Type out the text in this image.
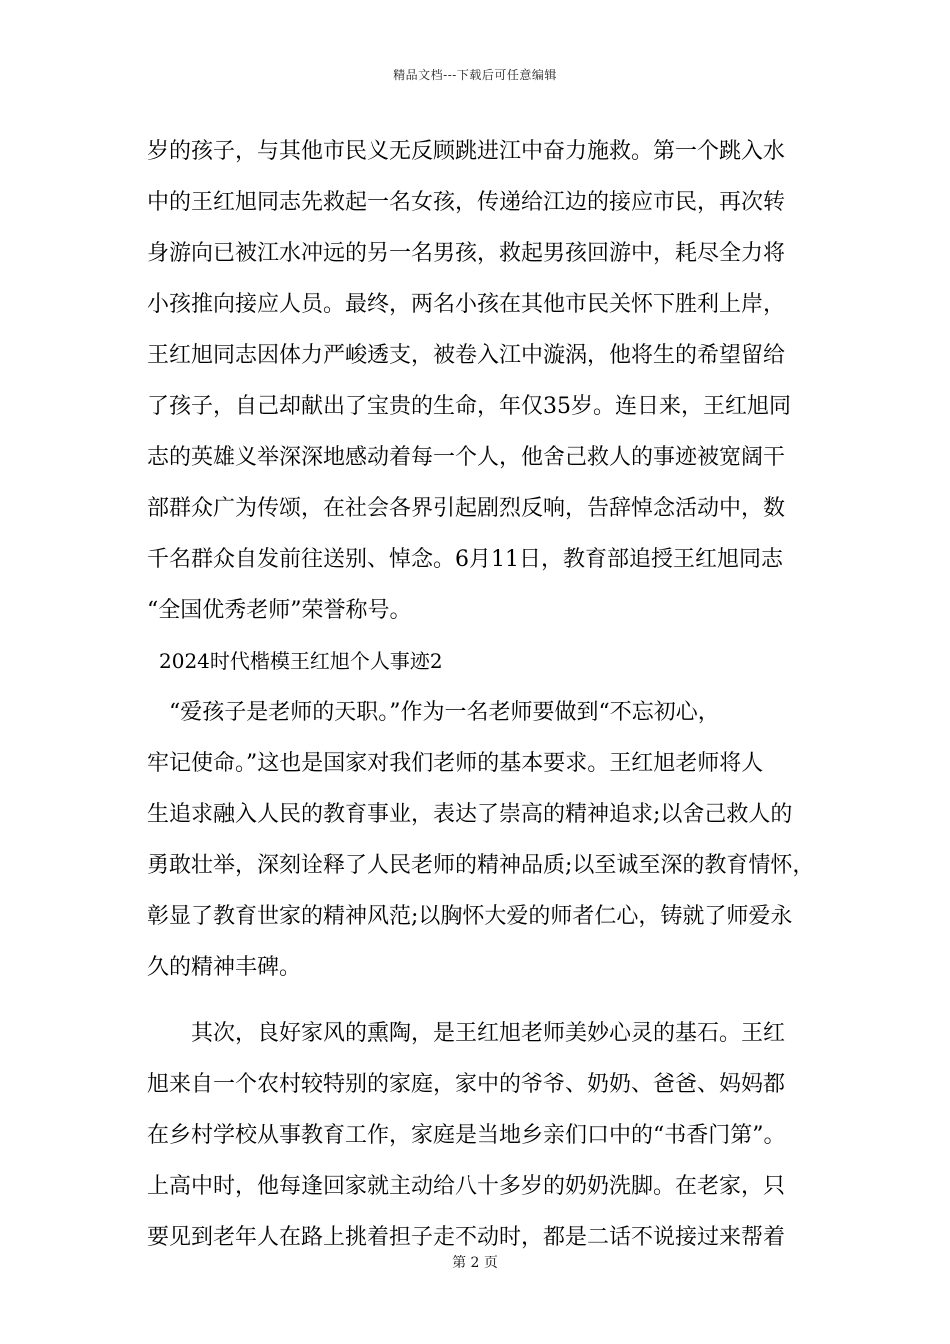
精品文档---下载后可任意编辑
岁的孩子，与其他市民义无反顾跳进江中奋力施救。第一个跳入水
中的王红旭同志先救起一名女孩，传递给江边的接应市民，再次转
身游向已被江水冲远的另一名男孩，救起男孩回游中，耗尽全力将
小孩推向接应人员。最终，两名小孩在其他市民关怀下胜利上岸，
王红旭同志因体力严峻透支，被卷入江中漩涡，他将生的希望留给
了孩子，自己却献出了宝贵的生命，年仅35岁。连日来，王红旭同
志的英雄义举深深地感动着每一个人，他舍己救人的事迹被宽阔干
部群众广为传颂，在社会各界引起剧烈反响，告辞悼念活动中，数
千名群众自发前往送别、悼念。6月11日，教育部追授王红旭同志
“全国优秀老师”荣誉称号。
2024时代楷模王红旭个人事迹2
“爱孩子是老师的天职。”作为一名老师要做到“不忘初心，
牢记使命。”这也是国家对我们老师的基本要求。王红旭老师将人
生追求融入人民的教育事业，表达了崇高的精神追求;以舍己救人的
勇敢壮举，深刻诠释了人民老师的精神品质;以至诚至深的教育情怀，
彰显了教育世家的精神风范;以胸怀大爱的师者仁心，铸就了师爱永
久的精神丰碑。
其次，良好家风的熏陶，是王红旭老师美妙心灵的基石。王红
旭来自一个农村较特别的家庭，家中的爷爷、奶奶、爸爸、妈妈都
在乡村学校从事教育工作，家庭是当地乡亲们口中的“书香门第”。
上高中时，他每逢回家就主动给八十多岁的奶奶洗脚。在老家，只
要见到老年人在路上挑着担子走不动时，都是二话不说接过来帮着
第 2 页
